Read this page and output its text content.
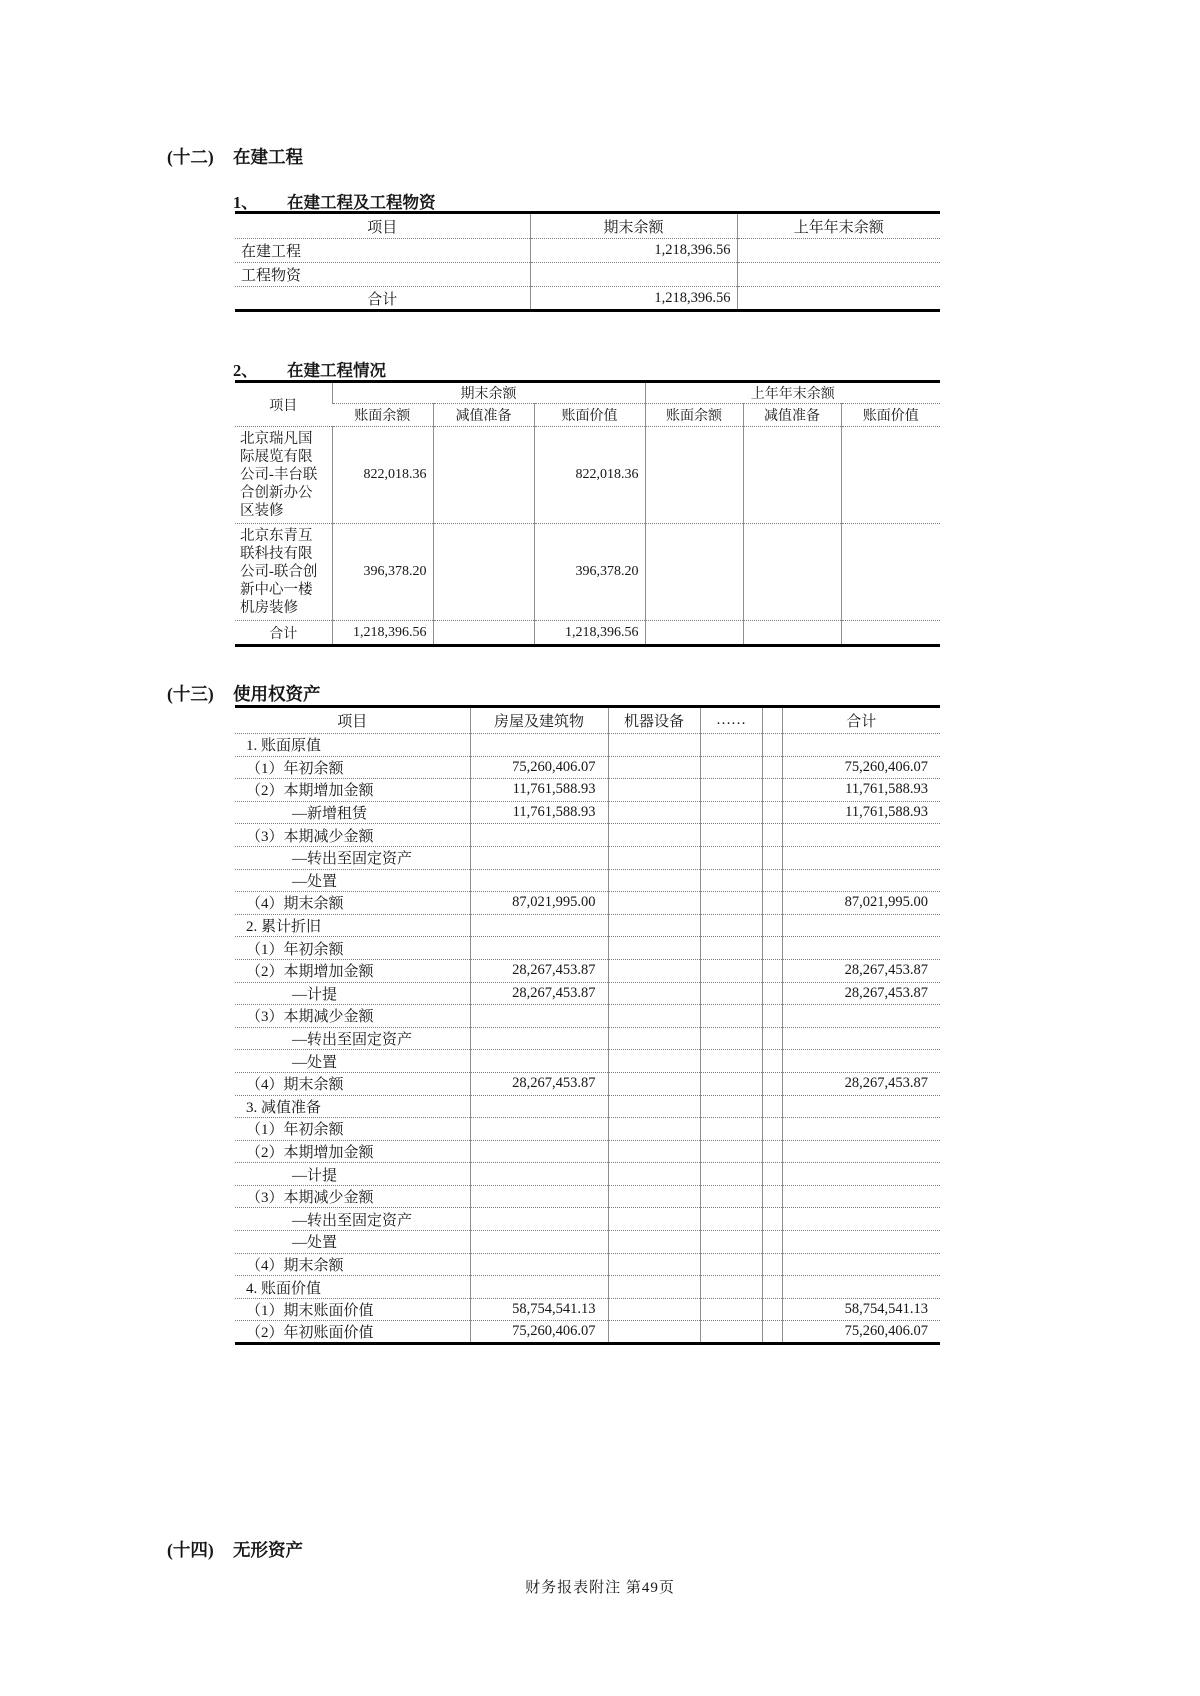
(十二) 在建工程
1、 在建工程及工程物资
项目	期末余额	上年年末余额
在建工程	1,218,396.56	
工程物资		
合计	1,218,396.56	
2、 在建工程情况
项目	期末余额			上年年末余额		
	账面余额	减值准备	账面价值	账面余额	减值准备	账面价值
北京瑞凡国际展览有限公司-丰台联合创新办公区装修	822,018.36		822,018.36			
北京东青互联科技有限公司-联合创新中心一楼机房装修	396,378.20		396,378.20			
合计	1,218,396.56		1,218,396.56			
(十三) 使用权资产
项目	房屋及建筑物	机器设备	……		合计
1. 账面原值					
（1）年初余额	75,260,406.07				75,260,406.07
（2）本期增加金额	11,761,588.93				11,761,588.93
—新增租赁	11,761,588.93				11,761,588.93
（3）本期减少金额					
—转出至固定资产					
—处置					
（4）期末余额	87,021,995.00				87,021,995.00
2. 累计折旧					
（1）年初余额					
（2）本期增加金额	28,267,453.87				28,267,453.87
—计提	28,267,453.87				28,267,453.87
（3）本期减少金额					
—转出至固定资产					
—处置					
（4）期末余额	28,267,453.87				28,267,453.87
3. 减值准备					
（1）年初余额					
（2）本期增加金额					
—计提					
（3）本期减少金额					
—转出至固定资产					
—处置					
（4）期末余额					
4. 账面价值					
（1）期末账面价值	58,754,541.13				58,754,541.13
（2）年初账面价值	75,260,406.07				75,260,406.07
(十四) 无形资产
财务报表附注 第49页
